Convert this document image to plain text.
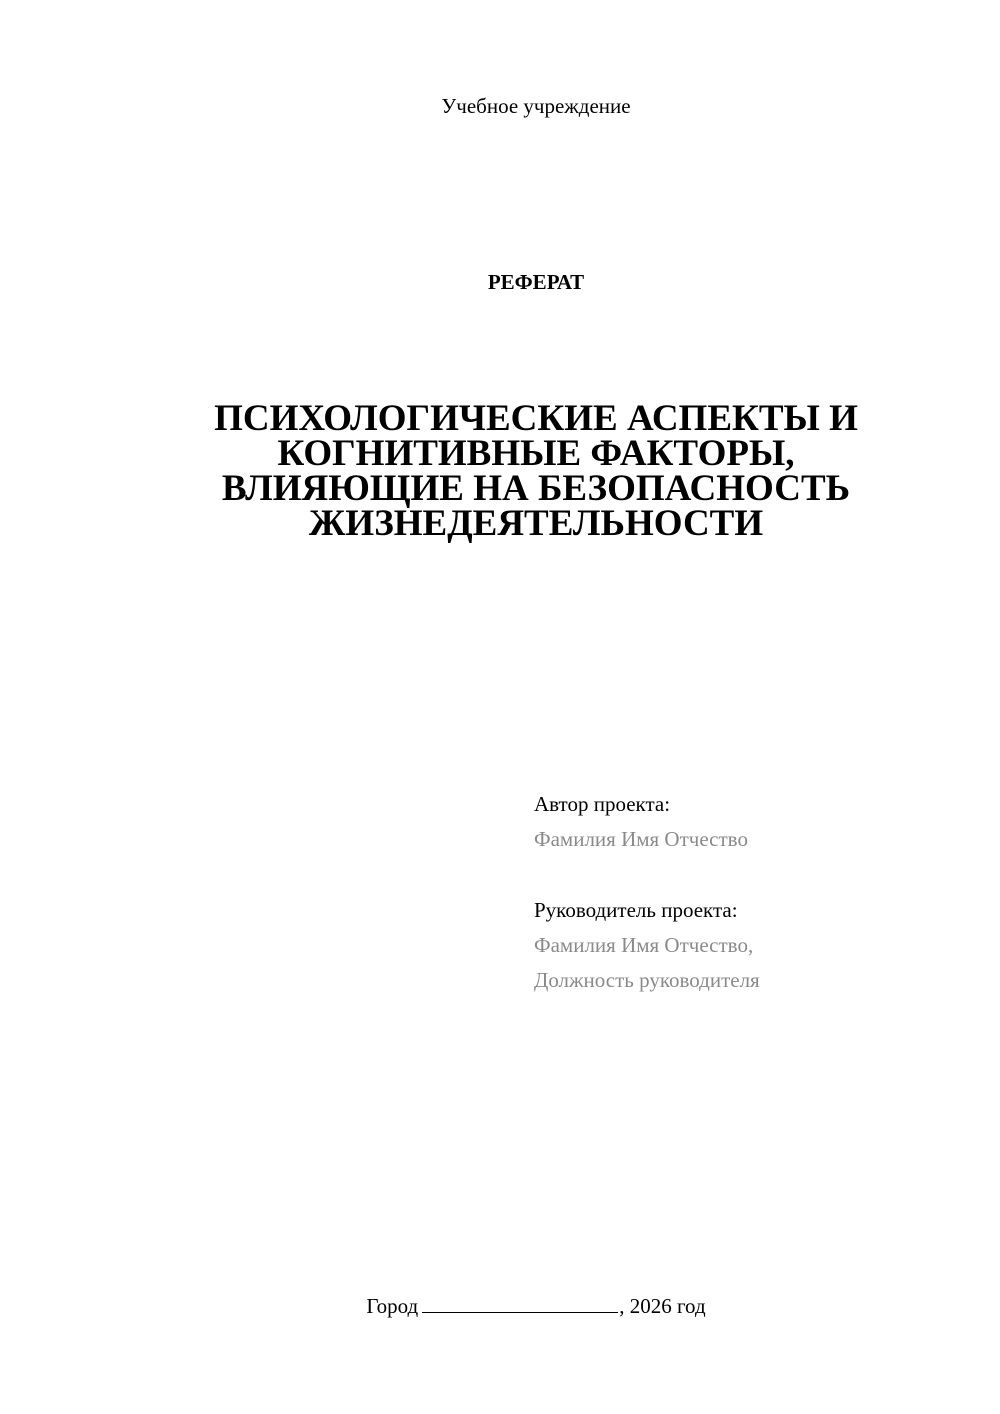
Учебное учреждение
РЕФЕРАТ
ПСИХОЛОГИЧЕСКИЕ АСПЕКТЫ И
КОГНИТИВНЫЕ ФАКТОРЫ,
ВЛИЯЮЩИЕ НА БЕЗОПАСНОСТЬ
ЖИЗНЕДЕЯТЕЛЬНОСТИ
Автор проекта:
Фамилия Имя Отчество
Руководитель проекта:
Фамилия Имя Отчество,
Должность руководителя
Город	, 2026 год
